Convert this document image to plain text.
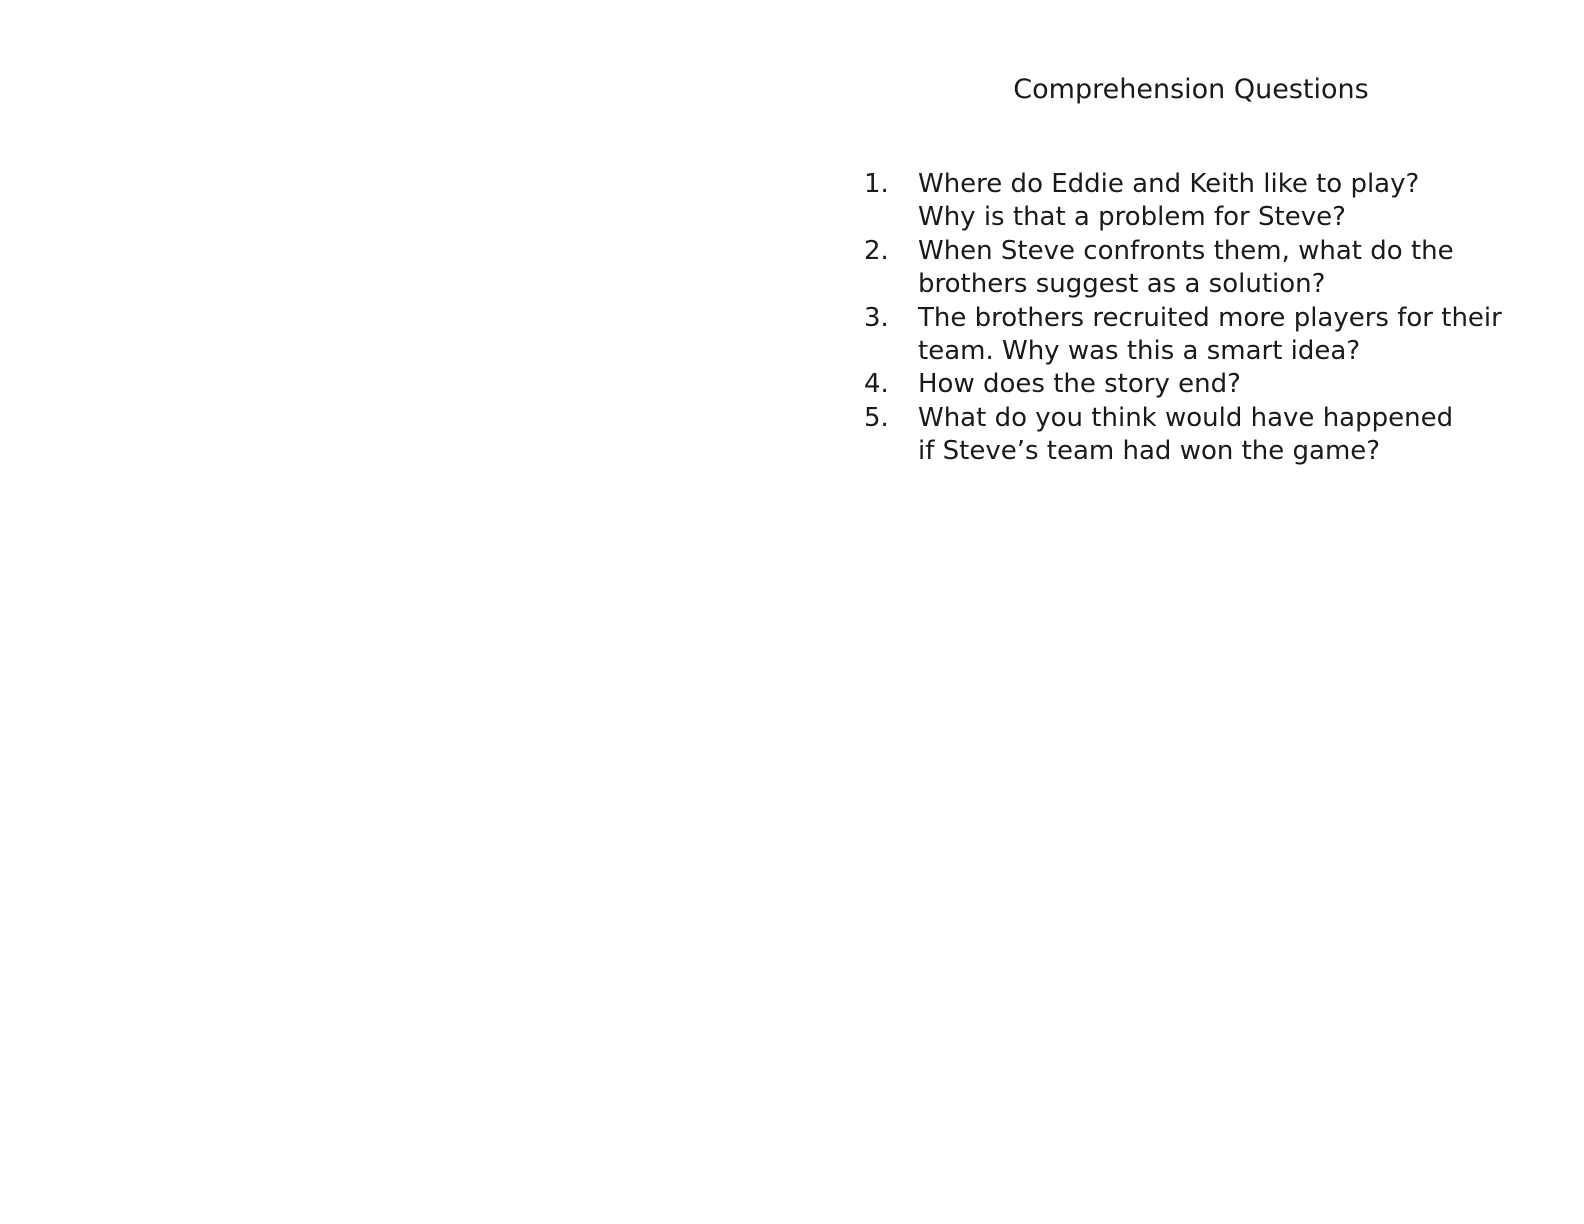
Comprehension Questions
1.	Where do Eddie and Keith like to play?
Why is that a problem for Steve?
2.	When Steve confronts them, what do the
brothers suggest as a solution?
3.	The brothers recruited more players for their
team. Why was this a smart idea?
4.	How does the story end?
5.	What do you think would have happened
if Steve’s team had won the game?
